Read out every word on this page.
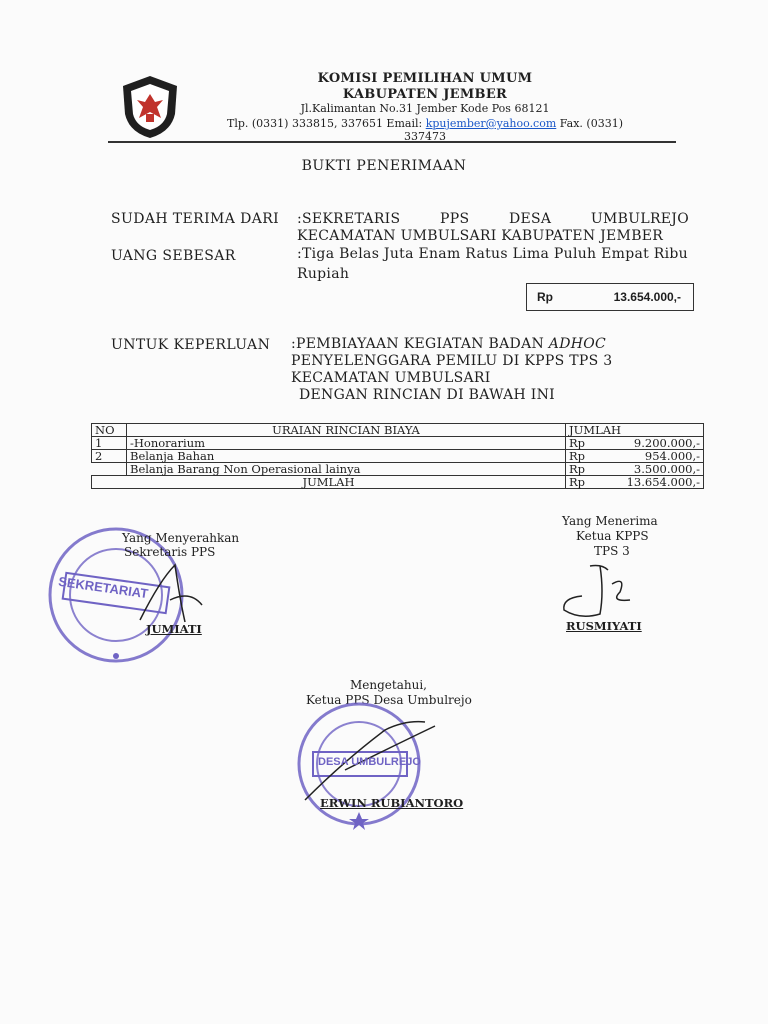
KOMISI PEMILIHAN UMUM
KABUPATEN JEMBER
Jl.Kalimantan No.31 Jember Kode Pos 68121
Tlp. (0331) 333815, 337651 Email: kpujember@yahoo.com Fax. (0331) 337473
BUKTI PENERIMAAN
SUDAH TERIMA DARI :SEKRETARIS PPS DESA UMBULREJO
KECAMATAN UMBULSARI KABUPATEN JEMBER
UANG SEBESAR	:Tiga Belas Juta Enam Ratus Lima Puluh Empat Ribu
Rupiah
Rp	13.654.000,-
UNTUK KEPERLUAN :PEMBIAYAAN KEGIATAN BADAN ADHOC
PENYELENGGARA PEMILU DI KPPS TPS 3
KECAMATAN UMBULSARI
DENGAN RINCIAN DI BAWAH INI
NO	URAIAN RINCIAN BIAYA	JUMLAH	
1	-Honorarium	Rp	9.200.000,-
2	Belanja Bahan	Rp	954.000,-
	Belanja Barang Non Operasional lainya	Rp	3.500.000,-
JUMLAH		Rp	13.654.000,-
SEKRETARIAT
Yang Menyerahkan
Sekretaris PPS
JUMIATI
Yang Menerima
Ketua KPPS
TPS 3
RUSMIYATI
Mengetahui,
Ketua PPS Desa Umbulrejo
DESA UMBULREJO
ERWIN RUBIANTORO
